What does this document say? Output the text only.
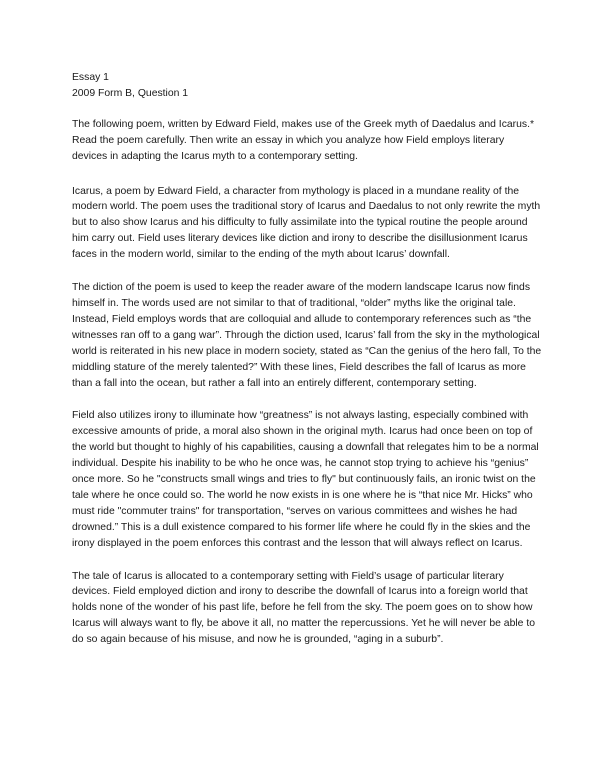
Essay 1
2009 Form B, Question 1

The following poem, written by Edward Field, makes use of the Greek myth of Daedalus and Icarus.* Read the poem carefully. Then write an essay in which you analyze how Field employs literary devices in adapting the Icarus myth to a contemporary setting.

Icarus, a poem by Edward Field, a character from mythology is placed in a mundane reality of the modern world. The poem uses the traditional story of Icarus and Daedalus to not only rewrite the myth but to also show Icarus and his difficulty to fully assimilate into the typical routine the people around him carry out. Field uses literary devices like diction and irony to describe the disillusionment Icarus faces in the modern world, similar to the ending of the myth about Icarus’ downfall.

The diction of the poem is used to keep the reader aware of the modern landscape Icarus now finds himself in. The words used are not similar to that of traditional, “older” myths like the original tale. Instead, Field employs words that are colloquial and allude to contemporary references such as “the witnesses ran off to a gang war”. Through the diction used, Icarus’ fall from the sky in the mythological world is reiterated in his new place in modern society, stated as “Can the genius of the hero fall, To the middling stature of the merely talented?” With these lines, Field describes the fall of Icarus as more than a fall into the ocean, but rather a fall into an entirely different, contemporary setting.

Field also utilizes irony to illuminate how “greatness” is not always lasting, especially combined with excessive amounts of pride, a moral also shown in the original myth. Icarus had once been on top of the world but thought to highly of his capabilities, causing a downfall that relegates him to be a normal individual. Despite his inability to be who he once was, he cannot stop trying to achieve his “genius” once more. So he "constructs small wings and tries to fly" but continuously fails, an ironic twist on the tale where he once could so. The world he now exists in is one where he is “that nice Mr. Hicks” who must ride "commuter trains" for transportation, “serves on various committees and wishes he had drowned.” This is a dull existence compared to his former life where he could fly in the skies and the irony displayed in the poem enforces this contrast and the lesson that will always reflect on Icarus.

The tale of Icarus is allocated to a contemporary setting with Field’s usage of particular literary devices. Field employed diction and irony to describe the downfall of Icarus into a foreign world that holds none of the wonder of his past life, before he fell from the sky. The poem goes on to show how Icarus will always want to fly, be above it all, no matter the repercussions. Yet he will never be able to do so again because of his misuse, and now he is grounded, “aging in a suburb”.
